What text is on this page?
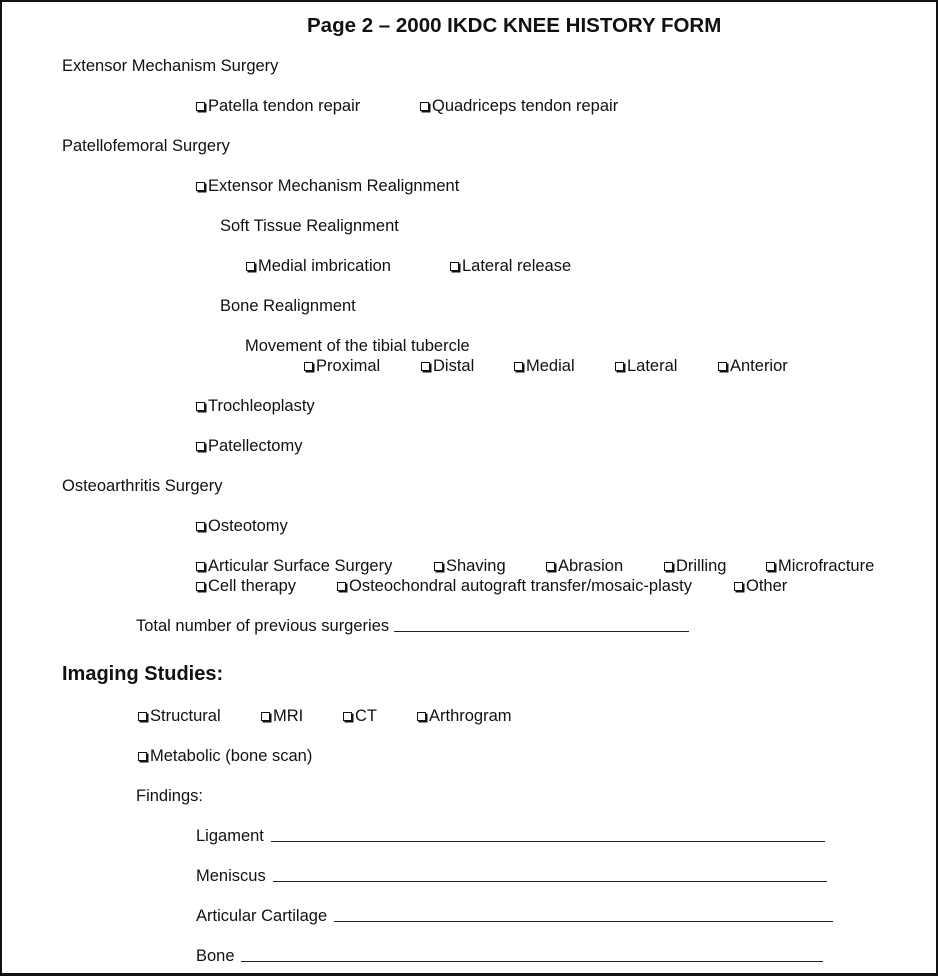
Page 2 – 2000 IKDC KNEE HISTORY FORM
Extensor Mechanism Surgery
Patella tendon repair	Quadriceps tendon repair
Patellofemoral Surgery
Extensor Mechanism Realignment
Soft Tissue Realignment
Medial imbrication	Lateral release
Bone Realignment
Movement of the tibial tubercle
Proximal	Distal	Medial	Lateral	Anterior
Trochleoplasty
Patellectomy
Osteoarthritis Surgery
Osteotomy
Articular Surface Surgery	Shaving	Abrasion	Drilling	Microfracture
Cell therapy	Osteochondral autograft transfer/mosaic-plasty	Other
Total number of previous surgeries
Imaging Studies:
Structural	MRI	CT	Arthrogram
Metabolic (bone scan)
Findings:
Ligament
Meniscus
Articular Cartilage
Bone
